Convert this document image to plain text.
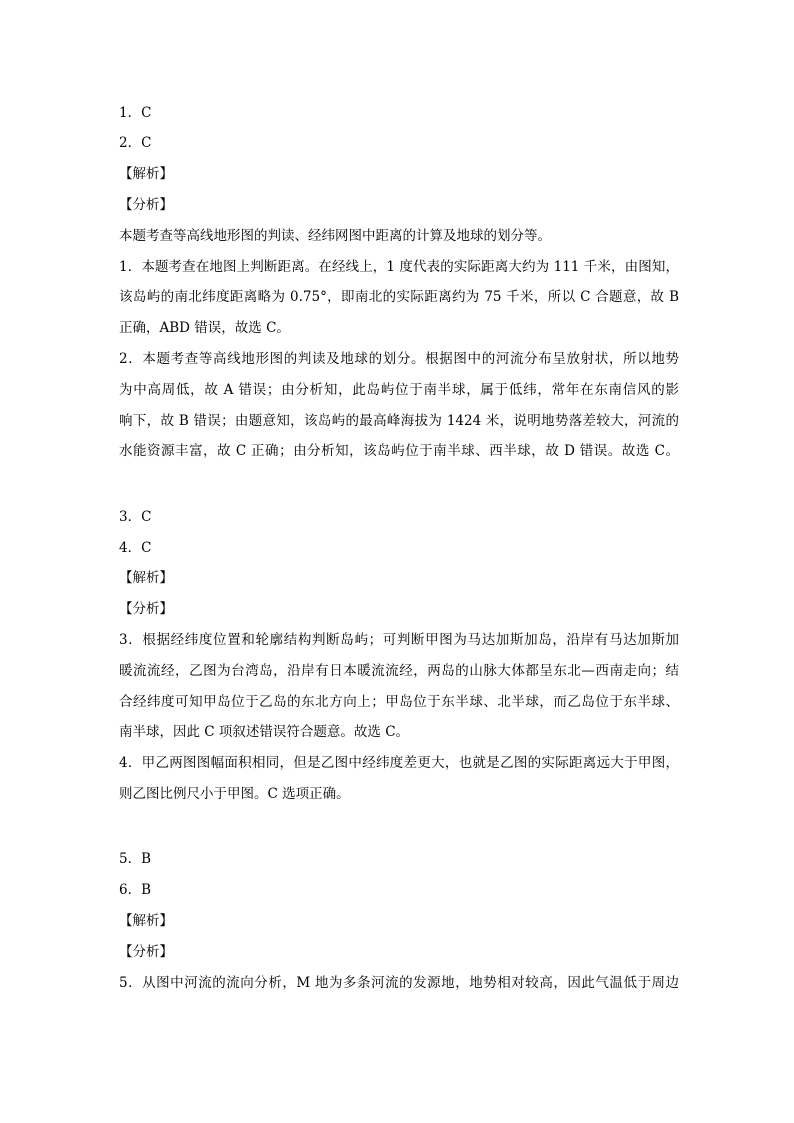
1．C
2．C
【解析】
【分析】
本题考查等高线地形图的判读、经纬网图中距离的计算及地球的划分等。
1．本题考查在地图上判断距离。在经线上，1 度代表的实际距离大约为 111 千米，由图知，
该岛屿的南北纬度距离略为 0.75°，即南北的实际距离约为 75 千米，所以 C 合题意，故 B
正确，ABD 错误，故选 C。
2．本题考查等高线地形图的判读及地球的划分。根据图中的河流分布呈放射状，所以地势
为中高周低，故 A 错误；由分析知，此岛屿位于南半球，属于低纬，常年在东南信风的影
响下，故 B 错误；由题意知，该岛屿的最高峰海拔为 1424 米，说明地势落差较大，河流的
水能资源丰富，故 C 正确；由分析知，该岛屿位于南半球、西半球，故 D 错误。故选 C。
3．C
4．C
【解析】
【分析】
3．根据经纬度位置和轮廓结构判断岛屿；可判断甲图为马达加斯加岛，沿岸有马达加斯加
暖流流经，乙图为台湾岛，沿岸有日本暖流流经，两岛的山脉大体都呈东北—西南走向；结
合经纬度可知甲岛位于乙岛的东北方向上；甲岛位于东半球、北半球，而乙岛位于东半球、
南半球，因此 C 项叙述错误符合题意。故选 C。
4．甲乙两图图幅面积相同，但是乙图中经纬度差更大，也就是乙图的实际距离远大于甲图，
则乙图比例尺小于甲图。C 选项正确。
5．B
6．B
【解析】
【分析】
5．从图中河流的流向分析，M 地为多条河流的发源地，地势相对较高，因此气温低于周边
